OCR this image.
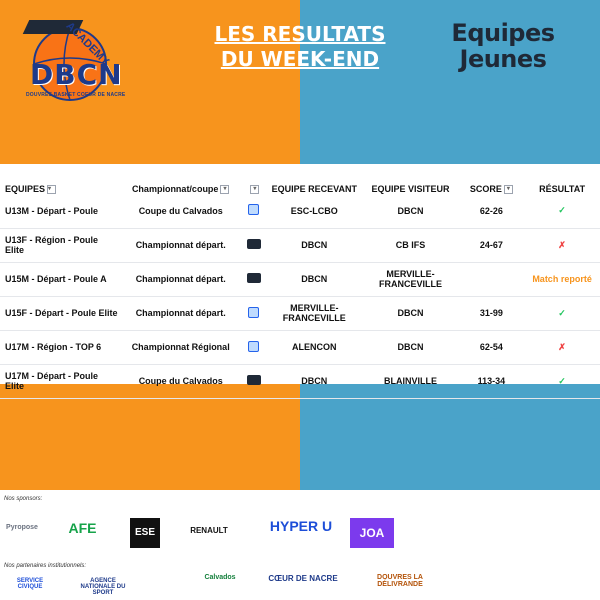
ACADEMY
DBCN
DOUVRES BASKET COEUR DE NACRE
LES RESULTATS
DU WEEK-END
Equipes
Jeunes
EQUIPES ▾	Championnat/coupe ▾	▾	EQUIPE RECEVANT	EQUIPE VISITEUR	SCORE ▾	RÉSULTAT
U13M - Départ - Poule	Coupe du Calvados		ESC-LCBO	DBCN	62-26	✓
U13F - Région - Poule Elite	Championnat départ.		DBCN	CB IFS	24-67	✗
U15M - Départ - Poule A	Championnat départ.		DBCN	MERVILLE-FRANCEVILLE		Match reporté
U15F - Départ - Poule Elite	Championnat départ.		MERVILLE-FRANCEVILLE	DBCN	31-99	✓
U17M - Région - TOP 6	Championnat Régional		ALENCON	DBCN	62-54	✗
U17M - Départ - Poule Elite	Coupe du Calvados		DBCN	BLAINVILLE	113-34	✓
Nos sponsors:
Pyropose	AFE	ESE	RENAULT	HYPER U	JOA
Nos partenaires institutionnels:
SERVICE CIVIQUE
AGENCE NATIONALE DU SPORT
Calvados	CŒUR DE NACRE	DOUVRES LA DÉLIVRANDE
